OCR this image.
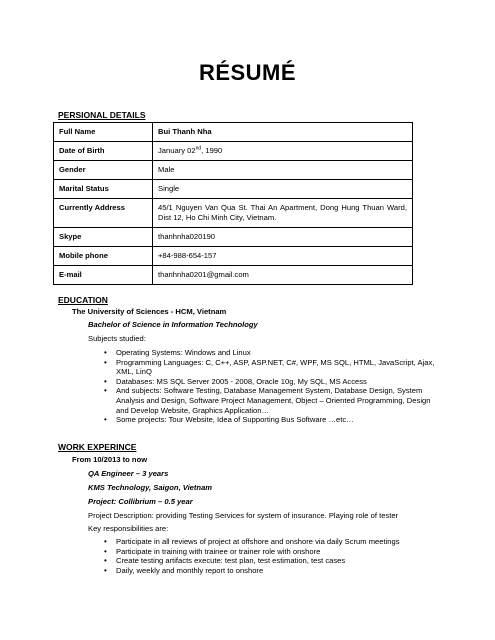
RÉSUMÉ
PERSIONAL DETAILS
Full Name	Bui Thanh Nha
Date of Birth	January 02nd, 1990
Gender	Male
Marital Status	Single
Currently Address	45/1 Nguyen Van Qua St. Thai An Apartment, Dong Hung Thuan Ward, Dist 12, Ho Chi Minh City, Vietnam.
Skype	thanhnha020190
Mobile phone	+84-988-654-157
E-mail	thanhnha0201@gmail.com
EDUCATION
The University of Sciences - HCM, Vietnam
Bachelor of Science in Information Technology
Subjects studied:
• Operating Systems: Windows and Linux
• Programming Languages: C, C++, ASP, ASP.NET, C#, WPF, MS SQL, HTML, JavaScript, Ajax, XML, LinQ
• Databases: MS SQL Server 2005 - 2008, Oracle 10g, My SQL, MS Access
• And subjects: Software Testing, Database Management System, Database Design, System Analysis and Design, Software Project Management, Object – Oriented Programming, Design and Develop Website, Graphics Application…
• Some projects: Tour Website, Idea of Supporting Bus Software …etc…
WORK EXPERINCE
From 10/2013 to now
QA Engineer – 3 years
KMS Technology, Saigon, Vietnam
Project: Collibrium – 0.5 year
Project Description: providing Testing Services for system of insurance. Playing role of tester
Key responsibilities are:
• Participate in all reviews of project at offshore and onshore via daily Scrum meetings
• Participate in training with trainee or trainer role with onshore
• Create testing artifacts execute: test plan, test estimation, test cases
• Daily, weekly and monthly report to onshore
